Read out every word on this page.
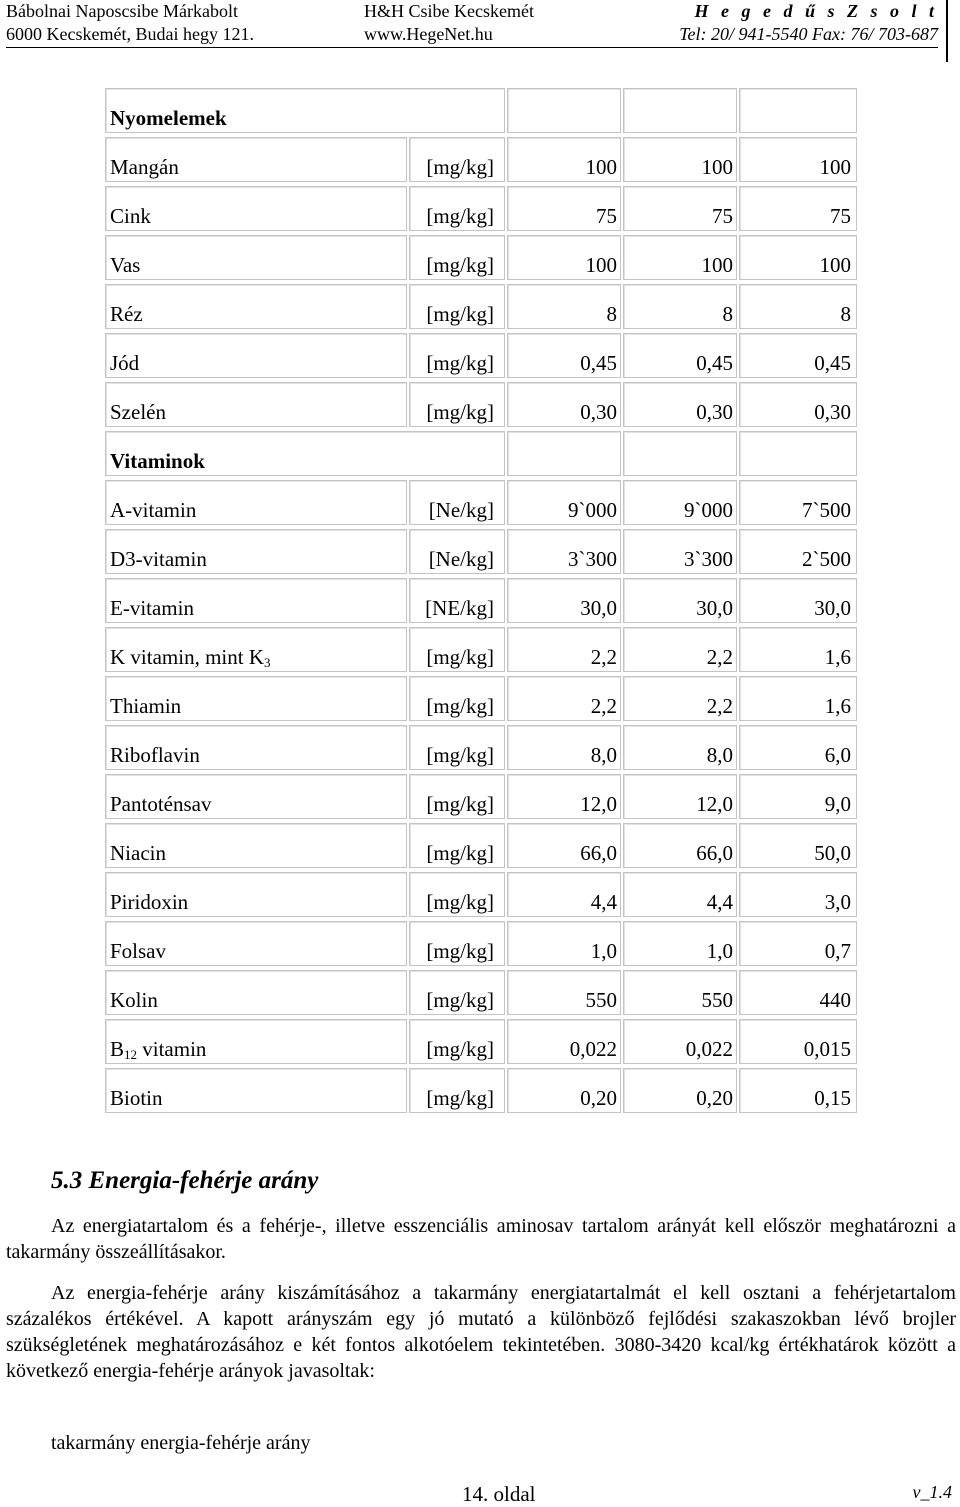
Bábolnai Naposcsibe Márkabolt
6000 Kecskemét, Budai hegy 121.
H&H Csibe Kecskemét
www.HegeNet.hu
H e g e d ű s Z s o l t
Tel: 20/ 941-5540 Fax: 76/ 703-687
Nyomelemek
Mangán	[mg/kg]	100	100	100
Cink	[mg/kg]	75	75	75
Vas	[mg/kg]	100	100	100
Réz	[mg/kg]	8	8	8
Jód	[mg/kg]	0,45	0,45	0,45
Szelén	[mg/kg]	0,30	0,30	0,30
Vitaminok
A-vitamin	[Ne/kg]	9`000	9`000	7`500
D3-vitamin	[Ne/kg]	3`300	3`300	2`500
E-vitamin	[NE/kg]	30,0	30,0	30,0
K vitamin, mint $K_3$	[mg/kg]	2,2	2,2	1,6
Thiamin	[mg/kg]	2,2	2,2	1,6
Riboflavin	[mg/kg]	8,0	8,0	6,0
Pantoténsav	[mg/kg]	12,0	12,0	9,0
Niacin	[mg/kg]	66,0	66,0	50,0
Piridoxin	[mg/kg]	4,4	4,4	3,0
Folsav	[mg/kg]	1,0	1,0	0,7
Kolin	[mg/kg]	550	550	440
$B_{12}$ vitamin	[mg/kg]	0,022	0,022	0,015
Biotin	[mg/kg]	0,20	0,20	0,15
5.3 Energia-fehérje arány
Az energiatartalom és a fehérje-, illetve esszenciális aminosav tartalom arányát kell először meghatározni a takarmány összeállításakor.
Az energia-fehérje arány kiszámításához a takarmány energiatartalmát el kell osztani a fehérjetartalom százalékos értékével. A kapott arányszám egy jó mutató a különböző fejlődési szakaszokban lévő brojler szükségletének meghatározásához e két fontos alkotóelem tekintetében. 3080-3420 kcal/kg értékhatárok között a következő energia-fehérje arányok javasoltak:
takarmány energia-fehérje arány
14. oldal	v_1.4
